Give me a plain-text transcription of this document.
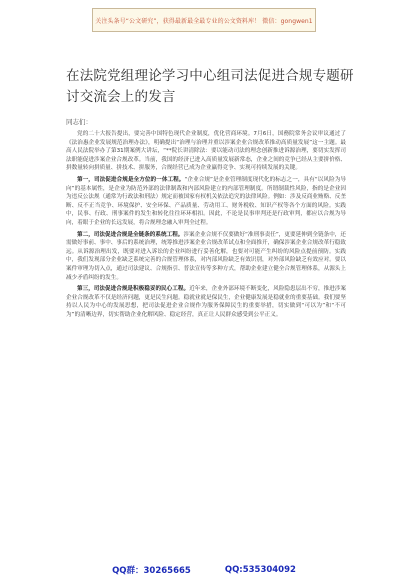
关注头条号“公文研究”，获得最新最全最专业的公文资料库！ 微信：gongwen1
在法院党组理论学习中心组司法促进合规专题研讨交流会上的发言
同志们：

党的二十大报告提出，要完善中国特色现代企业制度，优化营商环境。7月6日，国務院常务会议审议通过了《法治惠企业发展规范治理办法》，明确提出“治理与治理并重以涉案企业合规改革推动高质量发展”这一主题。最高人民法院举办了第31期案例大讲坛，“**院长讲清除法：要以能动司法的理念创新推进诉源治理，要切实发挥司法职能促进涉案企业合规改革。当前，我国的经济已进入高质量发展新常态，企业之间的竞争已经从主要拼价格、拼数量转向拼质量、拼技术、拼服务，合规经营已成为企业赢得竞争、实现可持续发展的关键。

第一，司法促进合规是全方位的一体工程。“企业合规”是企业管理制度现代化的标志之一，具有“以风险为导向”的基本属性，是企业为防范外部的法律制裁和内部风险建立的内部管理制度。所谓制裁性风险，指的是企业因为违反公法规（通常为行政法和刑法）规定而被国家有权机关依法追究的法律风险。例如：涉及反商业贿赂、反垄断、反不正当竞争、环境保护、安全环保、产品质量、劳动用工、财务税收、知识产权等各个方面的风险。实践中，民事、行政、刑事案件的发生和转化往往环环相扣。因此，不论是民事审判还是行政审判，都应以合规为导向，着眼于企业的长远发展，将合规理念融入审判全过程。

第二，司法促进合规是全链条的系统工程。涉案企业合规不仅要做好“准刑事责任”，更要延伸到全链条中，还需做好事前、事中、事后的系统治理，统筹推进涉案企业合规改革试点和全面推开，确保涉案企业合规改革行稳致远。从诉源治理出发，既要对进入诉讼的企业纠纷进行妥善化解，也要对可能产生纠纷的风险点提前预防。实践中，我们发现部分企业缺乏系统完善的合规管理体系，对内部风险缺乏有效识别，对外部风险缺乏有效应对。要以案件审理为切入点，通过司法建议、合规指引、普法宣传等多种方式，帮助企业建立健全合规管理体系，从源头上减少矛盾纠纷的发生。

第三，司法促进合规是积极稳妥的民心工程。近年来，企业外部环境不断变化，风险隐患层出不穷，推进涉案企业合规改革不仅是经济问题，更是民生问题。稳就业就是保民生，企业健康发展是稳就业的重要基础。我们要坚持以人民为中心的发展思想，把司法促进企业合规作为服务保障民生的重要举措，切实做到“可以为”和“不可为”的清晰边界，切实帮助企业化解风险、稳定经营，真正让人民群众感受到公平正义。

QQ群：30265665	QQ:535304092
